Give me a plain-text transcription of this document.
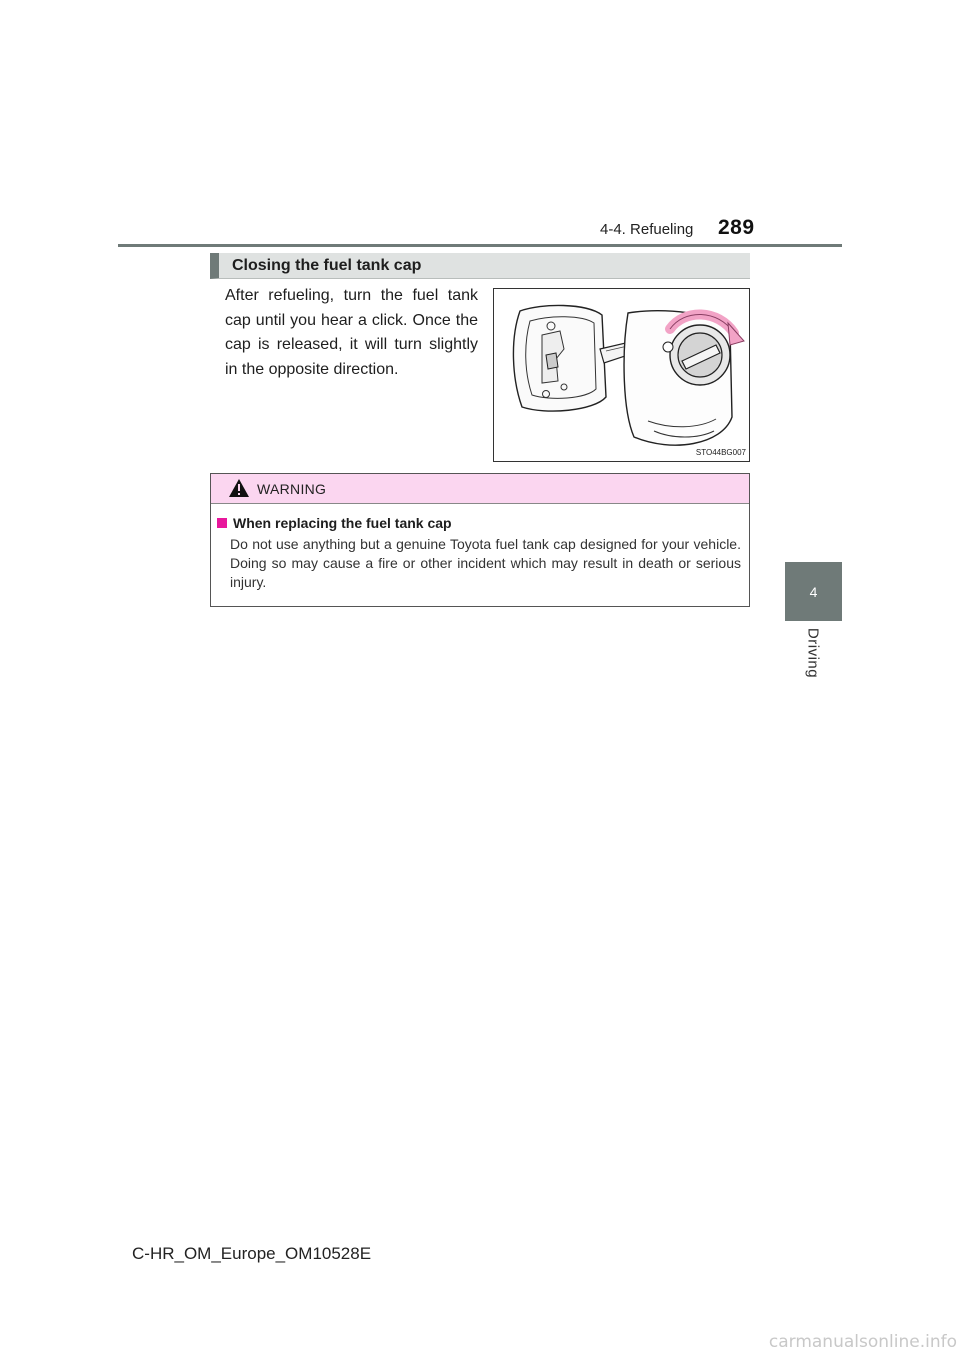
4-4. Refueling 289
4
Driving
Closing the fuel tank cap
After refueling, turn the fuel tank cap until you hear a click. Once the cap is released, it will turn slightly in the opposite direction.
STO44BG007
WARNING
When replacing the fuel tank cap
Do not use anything but a genuine Toyota fuel tank cap designed for your vehicle. Doing so may cause a fire or other incident which may result in death or serious injury.
C-HR_OM_Europe_OM10528E
carmanualsonline.info
